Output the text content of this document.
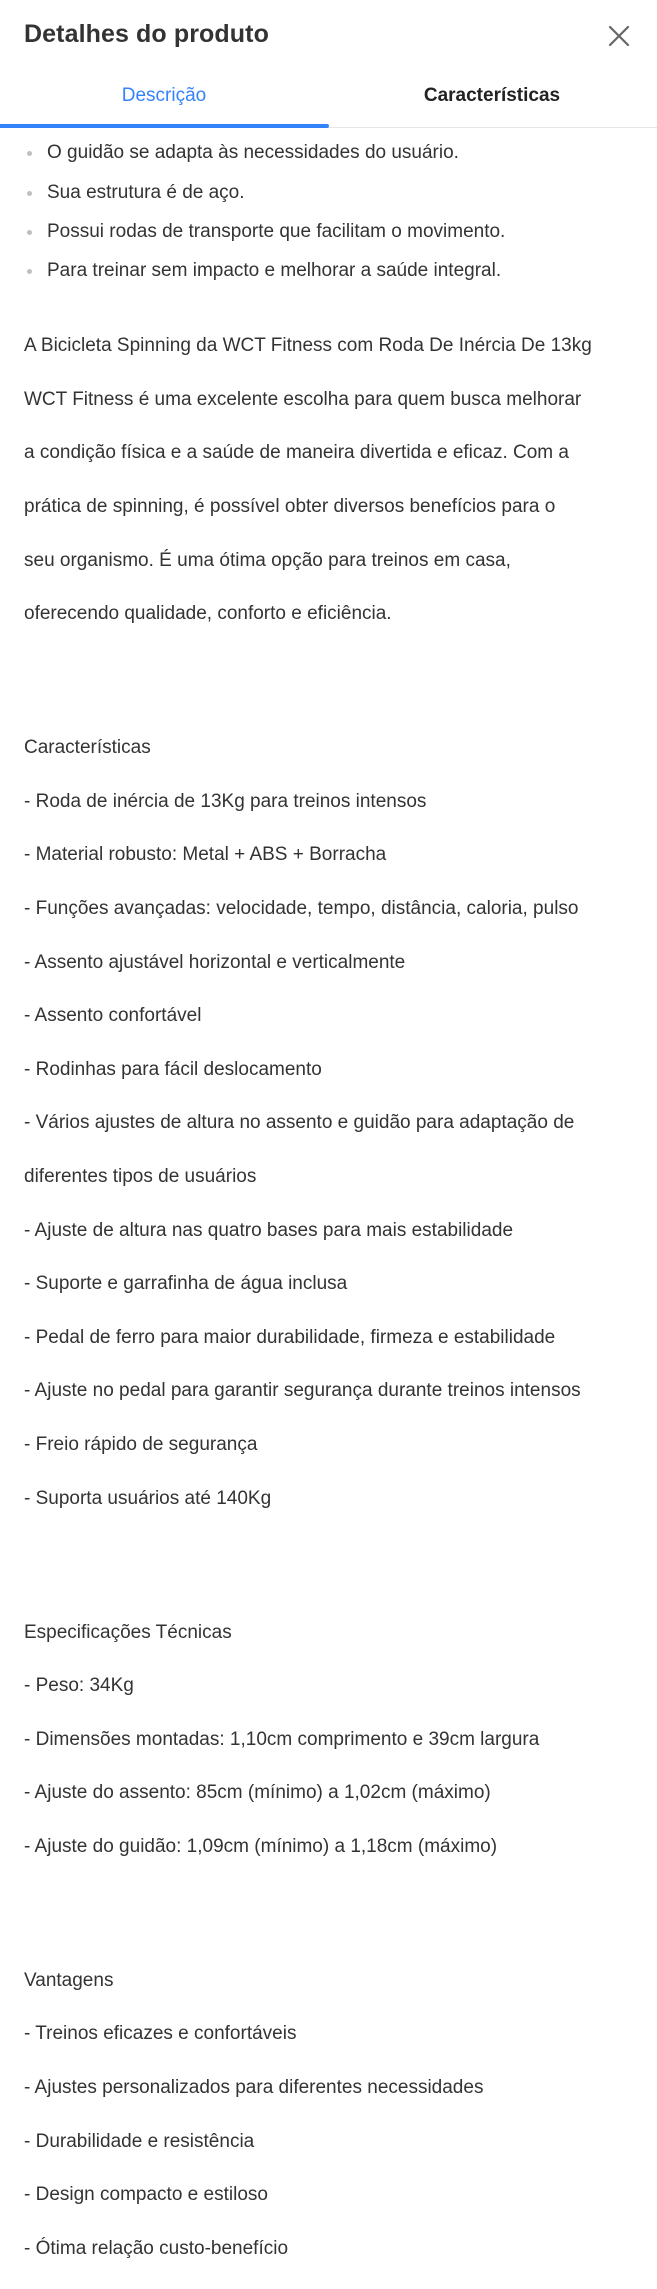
Detalhes do produto
Descrição	Características
O guidão se adapta às necessidades do usuário.
Sua estrutura é de aço.
Possui rodas de transporte que facilitam o movimento.
Para treinar sem impacto e melhorar a saúde integral.

A Bicicleta Spinning da WCT Fitness com Roda De Inércia De 13kg

WCT Fitness é uma excelente escolha para quem busca melhorar

a condição física e a saúde de maneira divertida e eficaz. Com a

prática de spinning, é possível obter diversos benefícios para o

seu organismo. É uma ótima opção para treinos em casa,

oferecendo qualidade, conforto e eficiência.

Características

- Roda de inércia de 13Kg para treinos intensos

- Material robusto: Metal + ABS + Borracha

- Funções avançadas: velocidade, tempo, distância, caloria, pulso

- Assento ajustável horizontal e verticalmente

- Assento confortável

- Rodinhas para fácil deslocamento

- Vários ajustes de altura no assento e guidão para adaptação de

diferentes tipos de usuários

- Ajuste de altura nas quatro bases para mais estabilidade

- Suporte e garrafinha de água inclusa

- Pedal de ferro para maior durabilidade, firmeza e estabilidade

- Ajuste no pedal para garantir segurança durante treinos intensos

- Freio rápido de segurança

- Suporta usuários até 140Kg

Especificações Técnicas

- Peso: 34Kg

- Dimensões montadas: 1,10cm comprimento e 39cm largura

- Ajuste do assento: 85cm (mínimo) a 1,02cm (máximo)

- Ajuste do guidão: 1,09cm (mínimo) a 1,18cm (máximo)

Vantagens

- Treinos eficazes e confortáveis

- Ajustes personalizados para diferentes necessidades

- Durabilidade e resistência

- Design compacto e estiloso

- Ótima relação custo-benefício
